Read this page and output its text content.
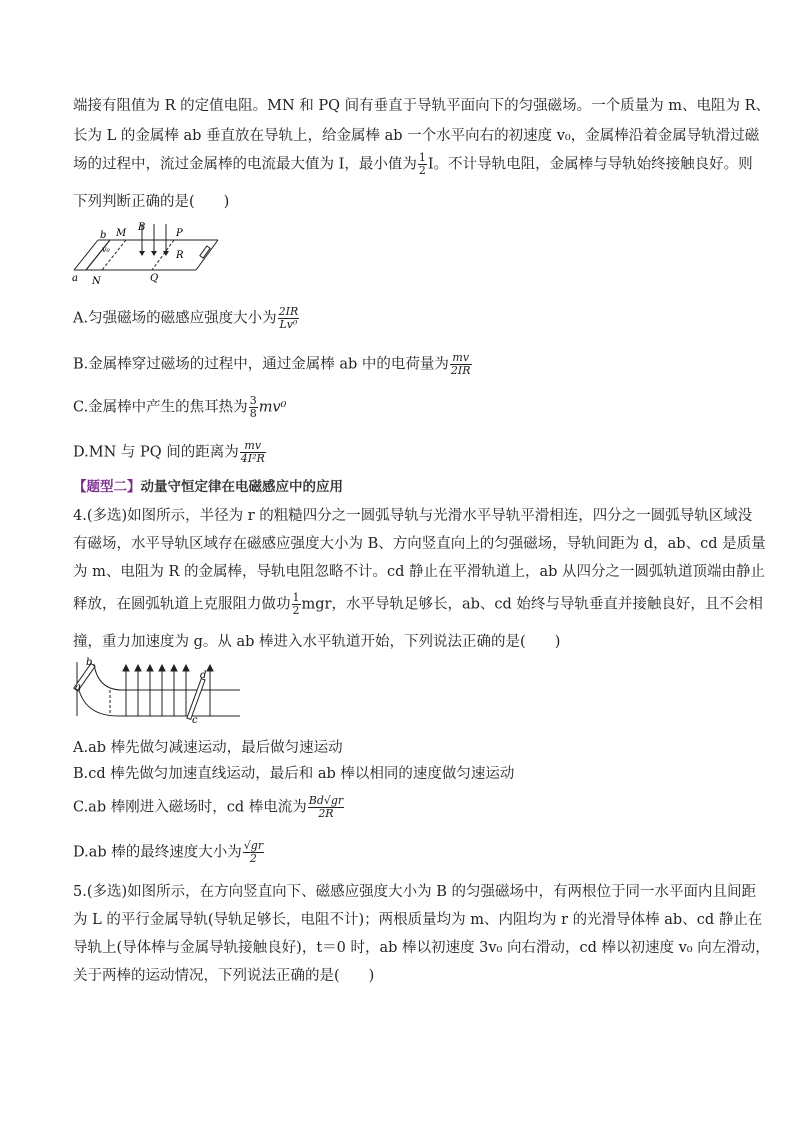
端接有阻值为 R 的定值电阻。MN 和 PQ 间有垂直于导轨平面向下的匀强磁场。一个质量为 m、电阻为 R、
长为 L 的金属棒 ab 垂直放在导轨上，给金属棒 ab 一个水平向右的初速度 v₀，金属棒沿着金属导轨滑过磁
场的过程中，流过金属棒的电流最大值为 I，最小值为 $\frac{1}{2}$ I。不计导轨电阻，金属棒与导轨始终接触良好。则
下列判断正确的是(　　)
b M
B
P
v₀
R
a N	Q
A.匀强磁场的磁感应强度大小为 $\frac{2IR}{\text{Lv⁰}}$
B.金属棒穿过磁场的过程中，通过金属棒 ab 中的电荷量为 $\frac{mv}{2IR}$
C.金属棒中产生的焦耳热为 $\frac{3}{8} mv^0$
D.MN 与 PQ 间的距离为 $\frac{mv}{\text{4I²R}}$
【题型二】动量守恒定律在电磁感应中的应用
4.(多选)如图所示，半径为 r 的粗糙四分之一圆弧导轨与光滑水平导轨平滑相连，四分之一圆弧导轨区域没
有磁场，水平导轨区域存在磁感应强度大小为 B、方向竖直向上的匀强磁场，导轨间距为 d，ab、cd 是质量
为 m、电阻为 R 的金属棒，导轨电阻忽略不计。cd 静止在平滑轨道上，ab 从四分之一圆弧轨道顶端由静止
释放，在圆弧轨道上克服阻力做功 $\frac{1}{2}$ mgr，水平导轨足够长，ab、cd 始终与导轨垂直并接触良好，且不会相
撞，重力加速度为 g。从 ab 棒进入水平轨道开始，下列说法正确的是(　　)
b
a
d
c
A.ab 棒先做匀减速运动，最后做匀速运动
B.cd 棒先做匀加速直线运动，最后和 ab 棒以相同的速度做匀速运动
C.ab 棒刚进入磁场时，cd 棒电流为 $\frac{Bd√gr}{2R}$
D.ab 棒的最终速度大小为 $\frac{√gr}{2}$
5.(多选)如图所示，在方向竖直向下、磁感应强度大小为 B 的匀强磁场中，有两根位于同一水平面内且间距
为 L 的平行金属导轨(导轨足够长，电阻不计)；两根质量均为 m、内阻均为 r 的光滑导体棒 ab、cd 静止在
导轨上(导体棒与金属导轨接触良好)，t＝0 时，ab 棒以初速度 3v₀ 向右滑动，cd 棒以初速度 v₀ 向左滑动，
关于两棒的运动情况，下列说法正确的是(　　)
